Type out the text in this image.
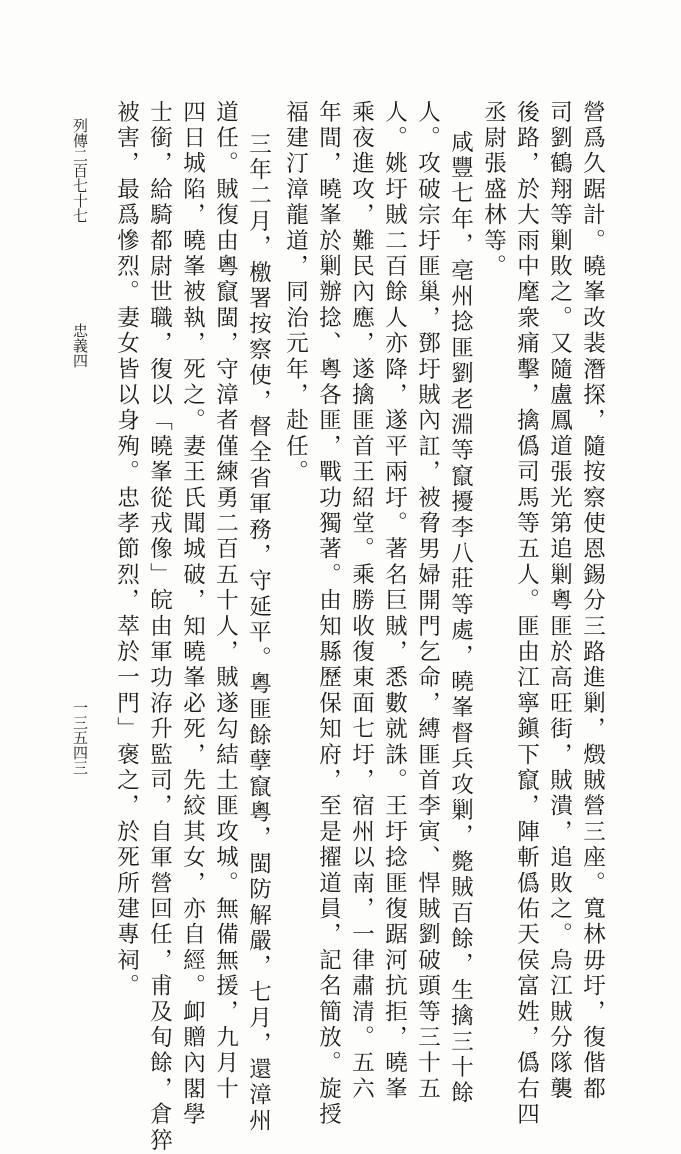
營爲久踞計。曉峯改裴潛探，隨按察使恩錫分三路進剿，燬賊營三座。寬林毋圩，復偕都
司劉鶴翔等剿敗之。又隨盧鳳道張光第追剿粵匪於高旺街，賊潰，追敗之。烏江賊分隊襲
後路，於大雨中麾衆痛擊，擒僞司馬等五人。匪由江寧鎭下竄，陣斬僞佑天侯富姓，僞右四
丞尉張盛林等。
咸豐七年，亳州捻匪劉老淵等竄擾李八莊等處，曉峯督兵攻剿，斃賊百餘，生擒三十餘
人。攻破宗圩匪巢，鄧圩賊內訌，被脅男婦開門乞命，縛匪首李寅、悍賊劉破頭等三十五
人。姚圩賊二百餘人亦降，遂平兩圩。著名巨賊，悉數就誅。王圩捻匪復踞河抗拒，曉峯
乘夜進攻，難民內應，遂擒匪首王紹堂。乘勝收復東面七圩，宿州以南，一律肅清。五六
年間，曉峯於剿辦捻、粵各匪，戰功獨著。由知縣歷保知府，至是擢道員，記名簡放。旋授
福建汀漳龍道，同治元年，赴任。
三年二月，檄署按察使，督全省軍務，守延平。粵匪餘孽竄粵，閩防解嚴，七月，還漳州
道任。賊復由粵竄閩，守漳者僅練勇二百五十人，賊遂勾結土匪攻城。無備無援，九月十
四日城陷，曉峯被執，死之。妻王氏聞城破，知曉峯必死，先絞其女，亦自經。卹贈內閣學
士銜，給騎都尉世職，復以「曉峯從戎像」皖由軍功洊升監司，自軍營回任，甫及旬餘，倉猝
被害，最爲慘烈。妻女皆以身殉。忠孝節烈，萃於一門」褒之，於死所建專祠。
列傳二百七十七  忠義四
一三五四三
